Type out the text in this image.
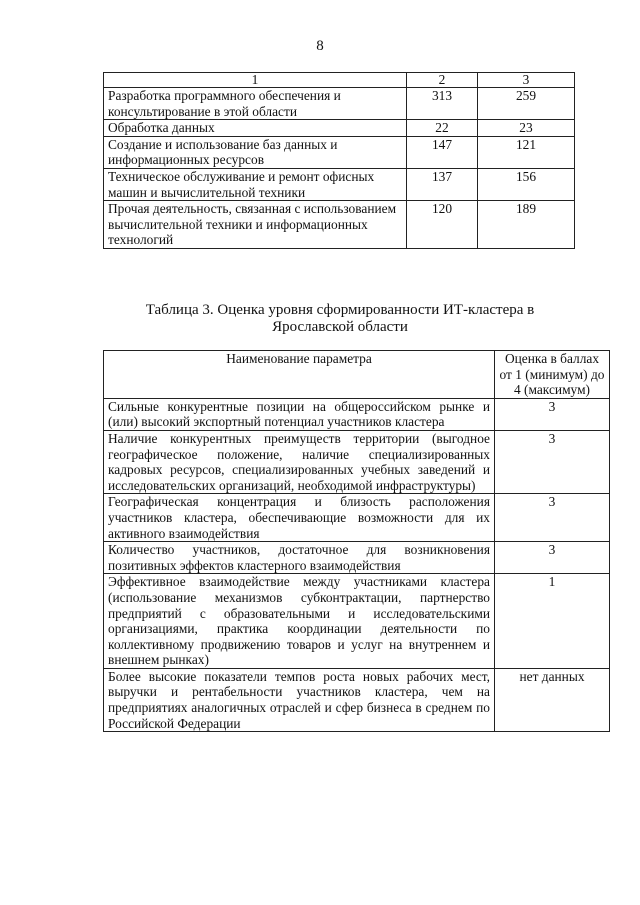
8
1	2	3
Разработка программного обеспечения и консультирование в этой области	313	259
Обработка данных	22	23
Создание и использование баз данных и информационных ресурсов	147	121
Техническое обслуживание и ремонт офисных машин и вычислительной техники	137	156
Прочая деятельность, связанная с использованием вычислительной техники и информационных технологий	120	189
Таблица 3. Оценка уровня сформированности ИТ-кластера в Ярославской области
Наименование параметра	Оценка в баллах от 1 (минимум) до 4 (максимум)
Сильные конкурентные позиции на общероссийском рынке и (или) высокий экспортный потенциал участников кластера	3
Наличие конкурентных преимуществ территории (выгодное географическое положение, наличие специализированных кадровых ресурсов, специализированных учебных заведений и исследовательских организаций, необходимой инфраструктуры)	3
Географическая концентрация и близость расположения участников кластера, обеспечивающие возможности для их активного взаимодействия	3
Количество участников, достаточное для возникновения позитивных эффектов кластерного взаимодействия	3
Эффективное взаимодействие между участниками кластера (использование механизмов субконтрактации, партнерство предприятий с образовательными и исследовательскими организациями, практика координации деятельности по коллективному продвижению товаров и услуг на внутреннем и внешнем рынках)	1
Более высокие показатели темпов роста новых рабочих мест, выручки и рентабельности участников кластера, чем на предприятиях аналогичных отраслей и сфер бизнеса в среднем по Российской Федерации	нет данных
